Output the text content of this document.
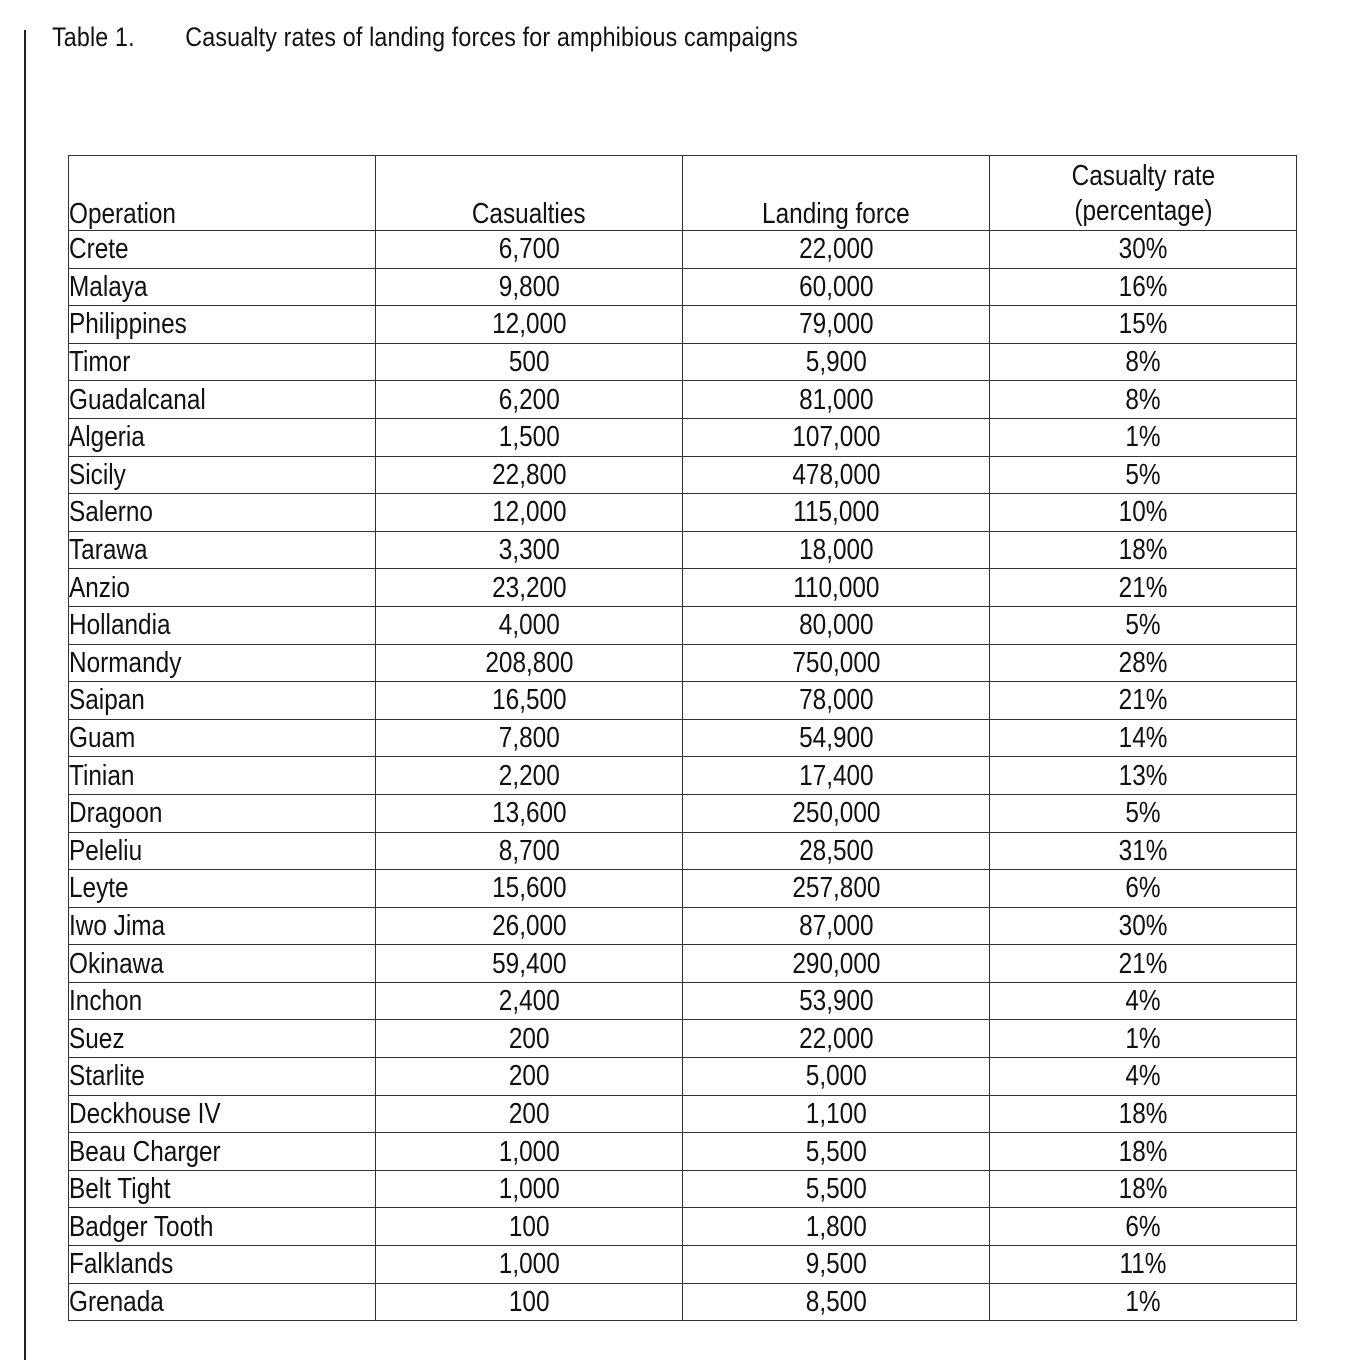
Table 1. Casualty rates of landing forces for amphibious campaigns
Operation	Casualties	Landing force	Casualty rate
(percentage)
Crete	6,700	22,000	30%
Malaya	9,800	60,000	16%
Philippines	12,000	79,000	15%
Timor	500	5,900	8%
Guadalcanal	6,200	81,000	8%
Algeria	1,500	107,000	1%
Sicily	22,800	478,000	5%
Salerno	12,000	115,000	10%
Tarawa	3,300	18,000	18%
Anzio	23,200	110,000	21%
Hollandia	4,000	80,000	5%
Normandy	208,800	750,000	28%
Saipan	16,500	78,000	21%
Guam	7,800	54,900	14%
Tinian	2,200	17,400	13%
Dragoon	13,600	250,000	5%
Peleliu	8,700	28,500	31%
Leyte	15,600	257,800	6%
Iwo Jima	26,000	87,000	30%
Okinawa	59,400	290,000	21%
Inchon	2,400	53,900	4%
Suez	200	22,000	1%
Starlite	200	5,000	4%
Deckhouse IV	200	1,100	18%
Beau Charger	1,000	5,500	18%
Belt Tight	1,000	5,500	18%
Badger Tooth	100	1,800	6%
Falklands	1,000	9,500	11%
Grenada	100	8,500	1%
